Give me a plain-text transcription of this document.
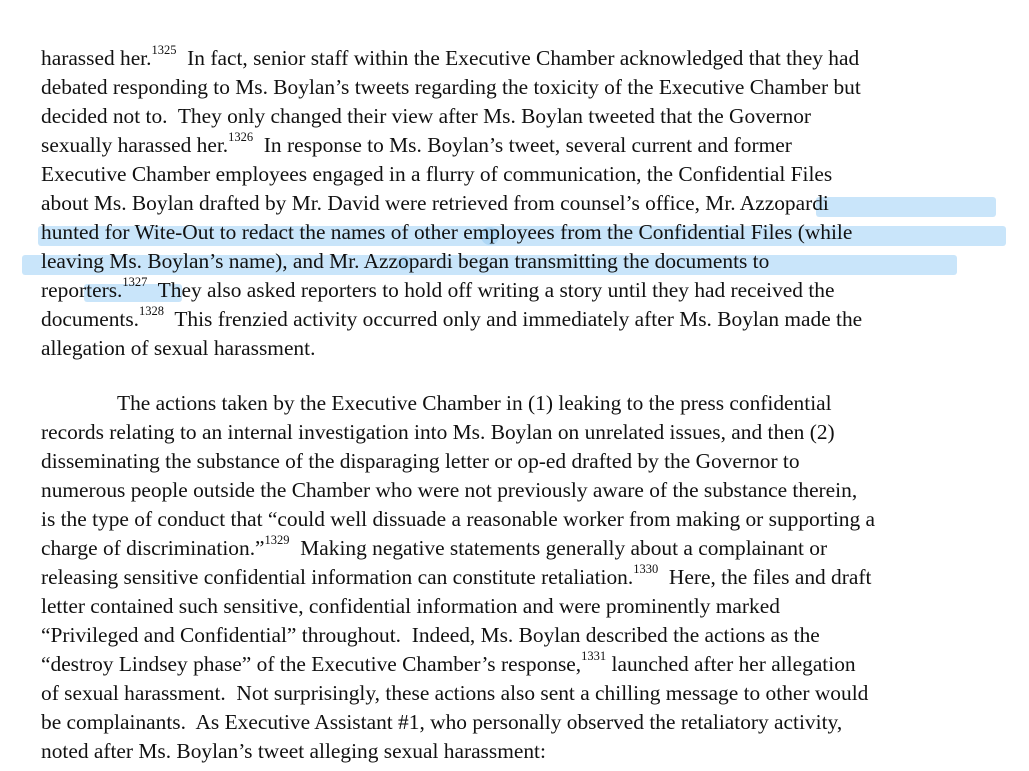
harassed her.$^{1325}$  In fact, senior staff within the Executive Chamber acknowledged that they had
debated responding to Ms. Boylan’s tweets regarding the toxicity of the Executive Chamber but
decided not to.  They only changed their view after Ms. Boylan tweeted that the Governor
sexually harassed her.$^{1326}$  In response to Ms. Boylan’s tweet, several current and former
Executive Chamber employees engaged in a flurry of communication, the Confidential Files
about Ms. Boylan drafted by Mr. David were retrieved from counsel’s office, Mr. Azzopardi
hunted for Wite-Out to redact the names of other employees from the Confidential Files (while
leaving Ms. Boylan’s name), and Mr. Azzopardi began transmitting the documents to
reporters.$^{1327}$  They also asked reporters to hold off writing a story until they had received the
documents.$^{1328}$  This frenzied activity occurred only and immediately after Ms. Boylan made the
allegation of sexual harassment.
The actions taken by the Executive Chamber in (1) leaking to the press confidential
records relating to an internal investigation into Ms. Boylan on unrelated issues, and then (2)
disseminating the substance of the disparaging letter or op-ed drafted by the Governor to
numerous people outside the Chamber who were not previously aware of the substance therein,
is the type of conduct that “could well dissuade a reasonable worker from making or supporting a
charge of discrimination.”$^{1329}$  Making negative statements generally about a complainant or
releasing sensitive confidential information can constitute retaliation.$^{1330}$  Here, the files and draft
letter contained such sensitive, confidential information and were prominently marked
“Privileged and Confidential” throughout.  Indeed, Ms. Boylan described the actions as the
“destroy Lindsey phase” of the Executive Chamber’s response,$^{1331}$ launched after her allegation
of sexual harassment.  Not surprisingly, these actions also sent a chilling message to other would
be complainants.  As Executive Assistant #1, who personally observed the retaliatory activity,
noted after Ms. Boylan’s tweet alleging sexual harassment:
